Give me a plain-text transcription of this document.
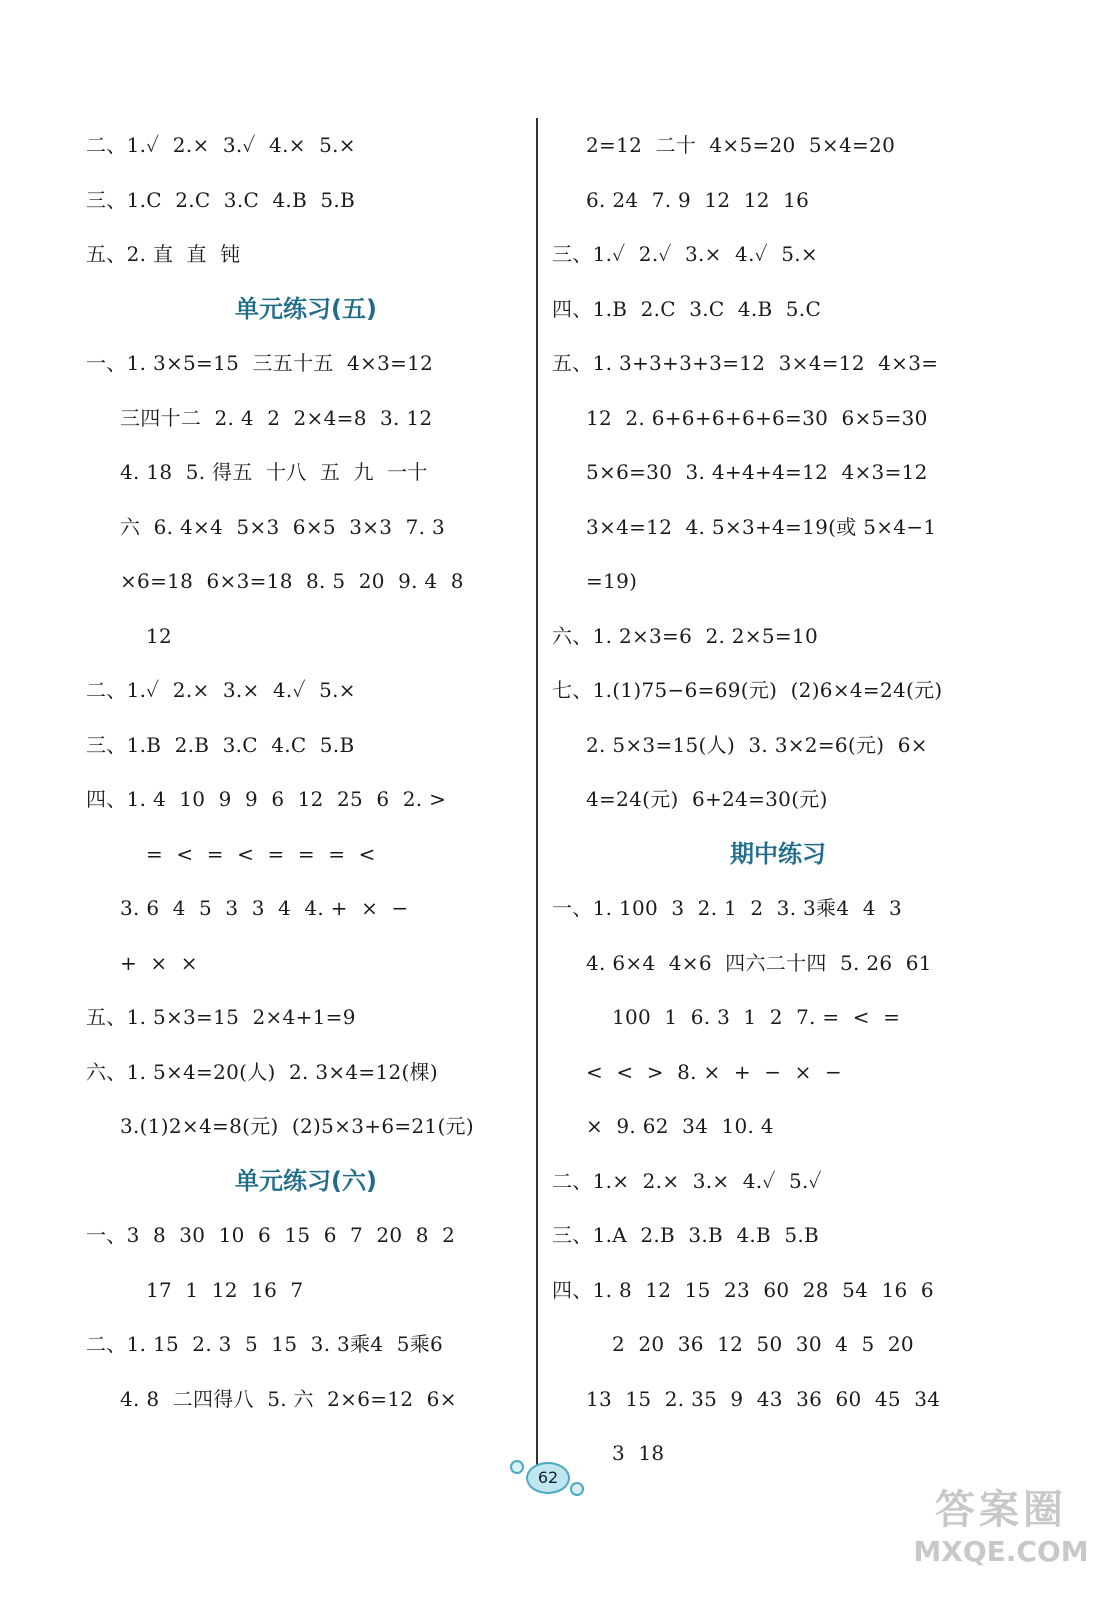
二、1.✓  2.×  3.✓  4.×  5.×
三、1.C  2.C  3.C  4.B  5.B
五、2. 直  直  钝
单元练习(五)
一、1. 3×5=15  三五十五  4×3=12
三四十二  2. 4  2  2×4=8  3. 12
4. 18  5. 得五  十八  五  九  一十
六  6. 4×4  5×3  6×5  3×3  7. 3
×6=18  6×3=18  8. 5  20  9. 4  8
12
二、1.✓  2.×  3.×  4.✓  5.×
三、1.B  2.B  3.C  4.C  5.B
四、1. 4  10  9  9  6  12  25  6  2. >
=  <  =  <  =  =  =  <
3. 6  4  5  3  3  4  4. +  ×  −
+  ×  ×
五、1. 5×3=15  2×4+1=9
六、1. 5×4=20(人)  2. 3×4=12(棵)
3.(1)2×4=8(元)  (2)5×3+6=21(元)
单元练习(六)
一、3  8  30  10  6  15  6  7  20  8  2
17  1  12  16  7
二、1. 15  2. 3  5  15  3. 3乘4  5乘6
4. 8  二四得八  5. 六  2×6=12  6×
2=12  二十  4×5=20  5×4=20
6. 24  7. 9  12  12  16
三、1.✓  2.✓  3.×  4.✓  5.×
四、1.B  2.C  3.C  4.B  5.C
五、1. 3+3+3+3=12  3×4=12  4×3=
12  2. 6+6+6+6+6=30  6×5=30
5×6=30  3. 4+4+4=12  4×3=12
3×4=12  4. 5×3+4=19(或 5×4−1
=19)
六、1. 2×3=6  2. 2×5=10
七、1.(1)75−6=69(元)  (2)6×4=24(元)
2. 5×3=15(人)  3. 3×2=6(元)  6×
4=24(元)  6+24=30(元)
期中练习
一、1. 100  3  2. 1  2  3. 3乘4  4  3
4. 6×4  4×6  四六二十四  5. 26  61
100  1  6. 3  1  2  7. =  <  =
<  <  >  8. ×  +  −  ×  −
×  9. 62  34  10. 4
二、1.×  2.×  3.×  4.✓  5.✓
三、1.A  2.B  3.B  4.B  5.B
四、1. 8  12  15  23  60  28  54  16  6
2  20  36  12  50  30  4  5  20
13  15  2. 35  9  43  36  60  45  34
3  18
62
答案圈
MXQE.COM
